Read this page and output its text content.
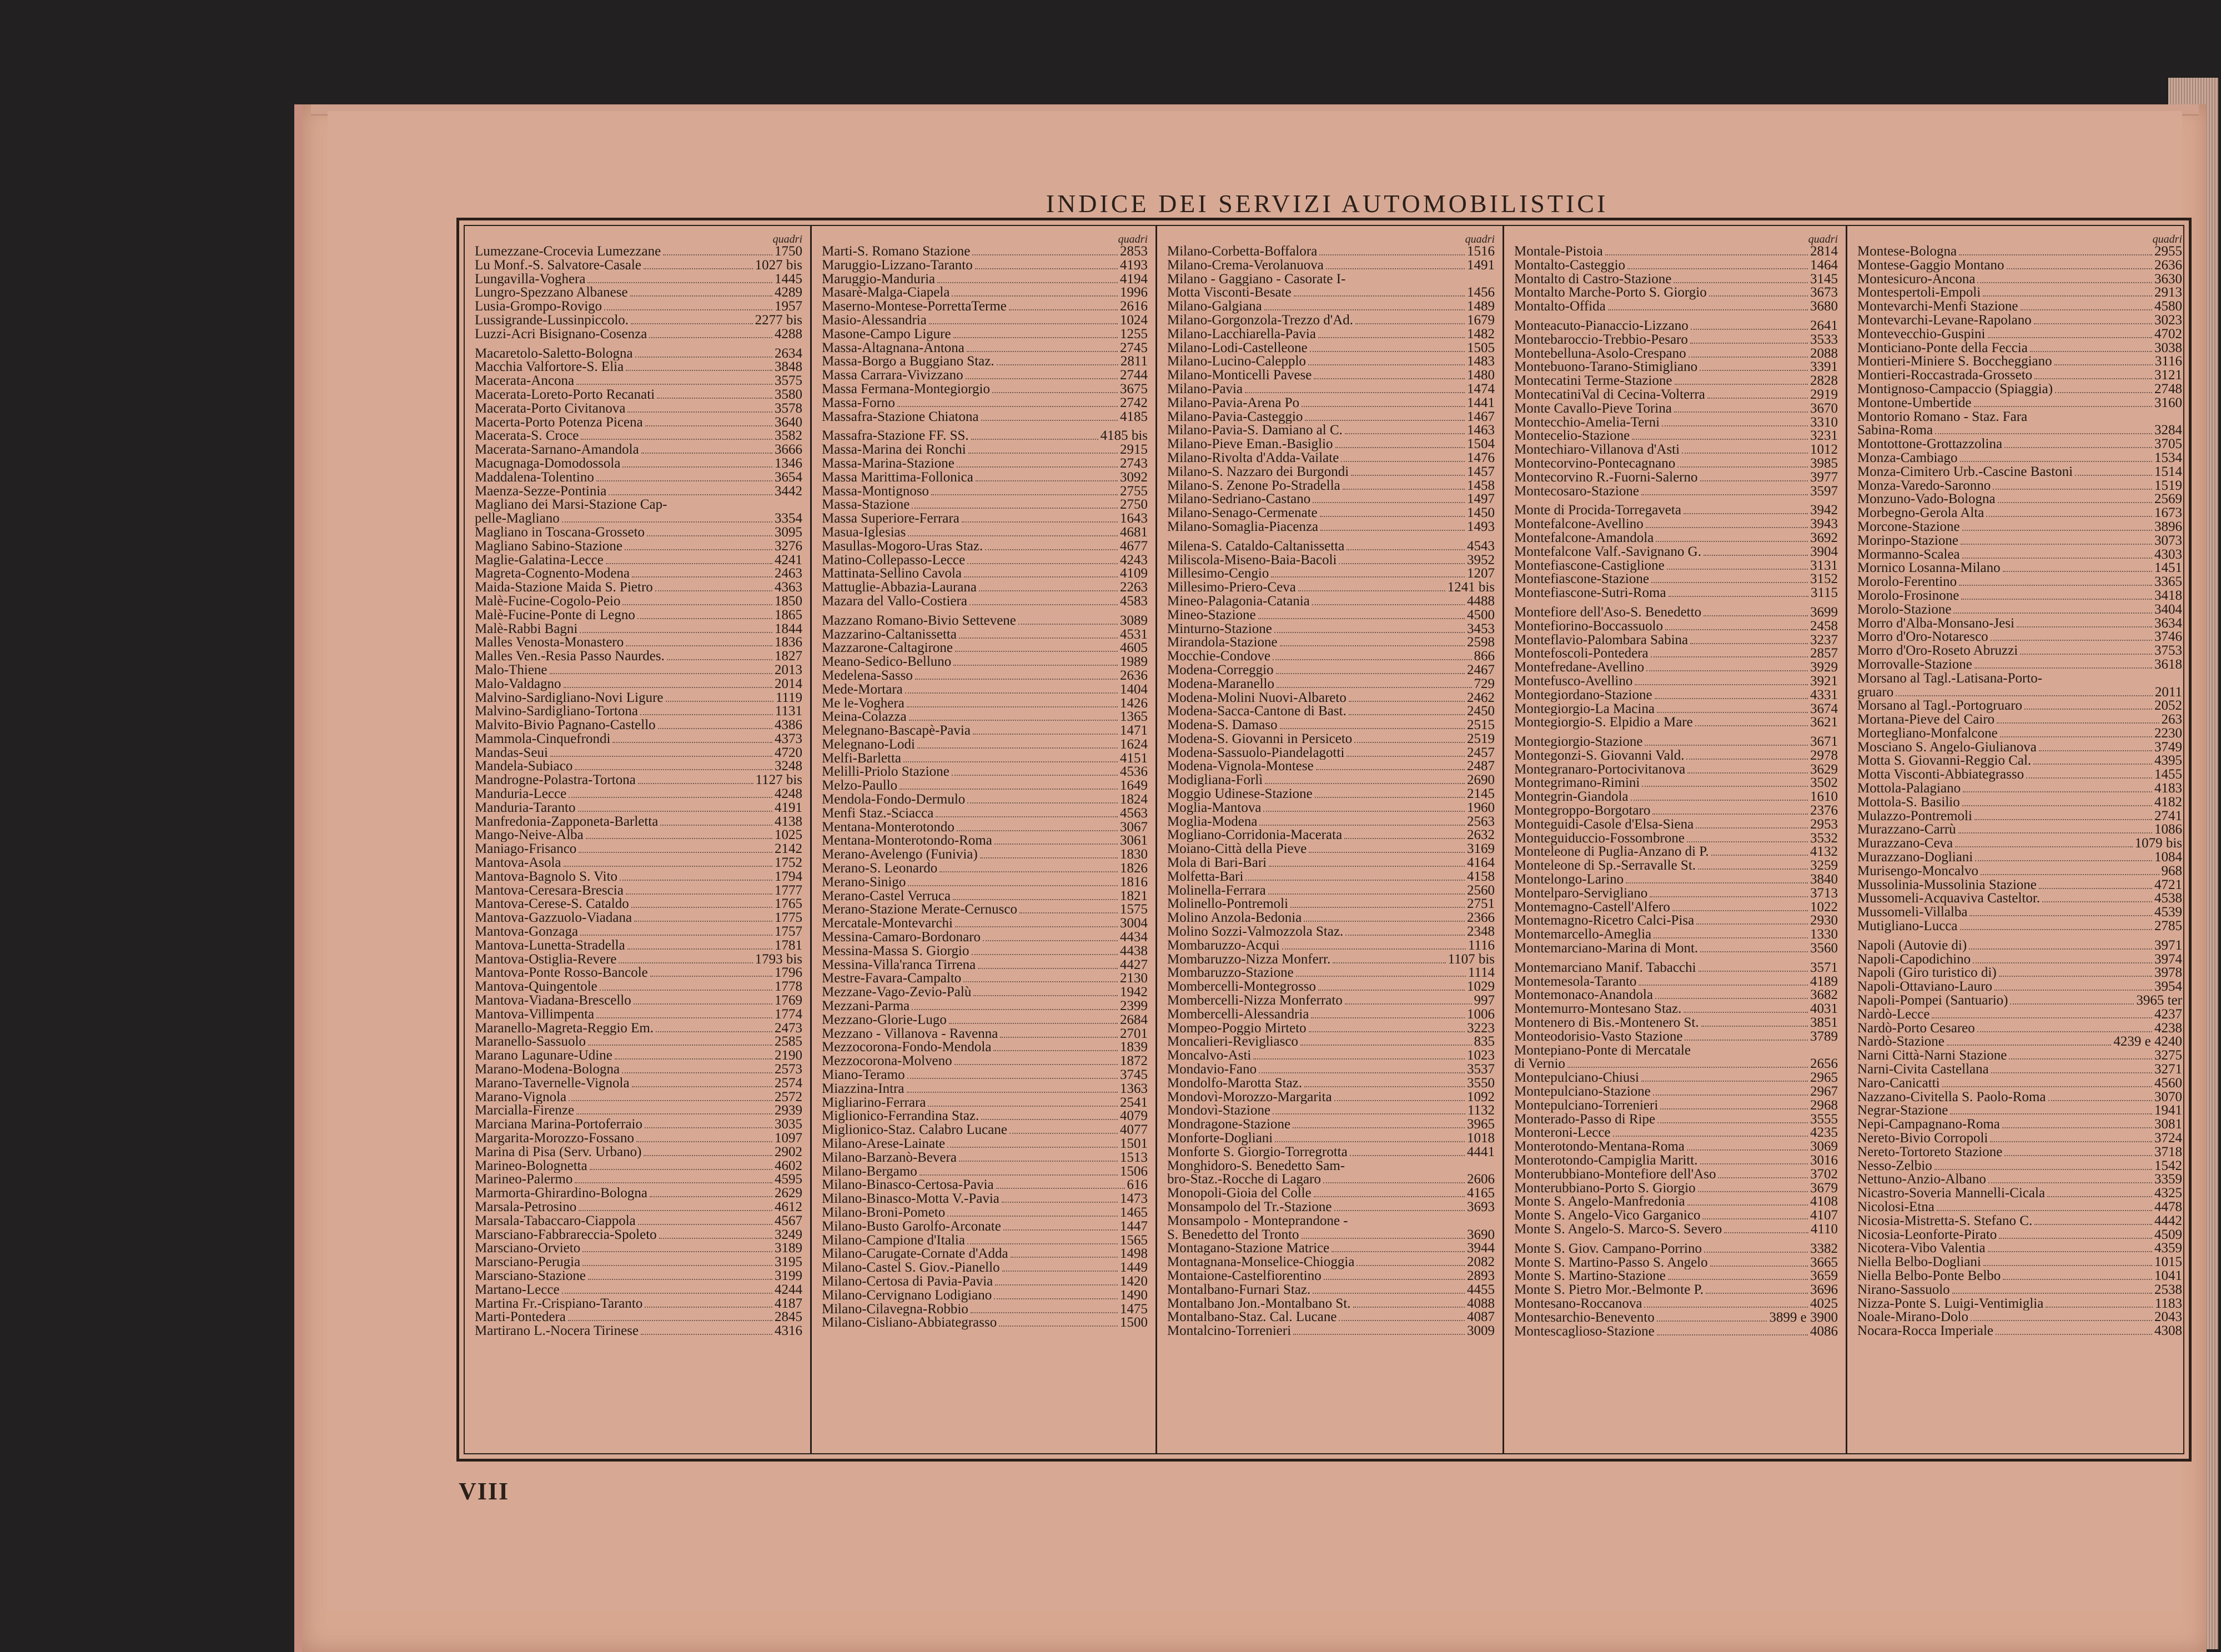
INDICE DEI SERVIZI AUTOMOBILISTICI
quadri
Lumezzane-Crocevia Lumezzane	1750
Lu Monf.-S. Salvatore-Casale	1027 bis
Lungavilla-Voghera	1445
Lungro-Spezzano Albanese	4289
Lusia-Grompo-Rovigo	1957
Lussigrande-Lussinpiccolo.	2277 bis
Luzzi-Acri Bisignano-Cosenza	4288
Macaretolo-Saletto-Bologna	2634
Macchia Valfortore-S. Elia	3848
Macerata-Ancona	3575
Macerata-Loreto-Porto Recanati	3580
Macerata-Porto Civitanova	3578
Macerta-Porto Potenza Picena	3640
Macerata-S. Croce	3582
Macerata-Sarnano-Amandola	3666
Macugnaga-Domodossola	1346
Maddalena-Tolentino	3654
Maenza-Sezze-Pontinia	3442
Magliano dei Marsi-Stazione Cap-
pelle-Magliano	3354
Magliano in Toscana-Grosseto	3095
Magliano Sabino-Stazione	3276
Maglie-Galatina-Lecce	4241
Magreta-Cognento-Modena	2463
Maida-Stazione Maida S. Pietro	4363
Malè-Fucine-Cogolo-Peio	1850
Malè-Fucine-Ponte di Legno	1865
Malè-Rabbi Bagni	1844
Malles Venosta-Monastero	1836
Malles Ven.-Resia Passo Naurdes.	1827
Malo-Thiene	2013
Malo-Valdagno	2014
Malvino-Sardigliano-Novi Ligure	1119
Malvino-Sardigliano-Tortona	1131
Malvito-Bivio Pagnano-Castello	4386
Mammola-Cinquefrondi	4373
Mandas-Seui	4720
Mandela-Subiaco	3248
Mandrogne-Polastra-Tortona	1127 bis
Manduria-Lecce	4248
Manduria-Taranto	4191
Manfredonia-Zapponeta-Barletta	4138
Mango-Neive-Alba	1025
Maniago-Frisanco	2142
Mantova-Asola	1752
Mantova-Bagnolo S. Vito	1794
Mantova-Ceresara-Brescia	1777
Mantova-Cerese-S. Cataldo	1765
Mantova-Gazzuolo-Viadana	1775
Mantova-Gonzaga	1757
Mantova-Lunetta-Stradella	1781
Mantova-Ostiglia-Revere	1793 bis
Mantova-Ponte Rosso-Bancole	1796
Mantova-Quingentole	1778
Mantova-Viadana-Brescello	1769
Mantova-Villimpenta	1774
Maranello-Magreta-Reggio Em.	2473
Maranello-Sassuolo	2585
Marano Lagunare-Udine	2190
Marano-Modena-Bologna	2573
Marano-Tavernelle-Vignola	2574
Marano-Vignola	2572
Marcialla-Firenze	2939
Marciana Marina-Portoferraio	3035
Margarita-Morozzo-Fossano	1097
Marina di Pisa (Serv. Urbano)	2902
Marineo-Bolognetta	4602
Marineo-Palermo	4595
Marmorta-Ghirardino-Bologna	2629
Marsala-Petrosino	4612
Marsala-Tabaccaro-Ciappola	4567
Marsciano-Fabbrareccia-Spoleto	3249
Marsciano-Orvieto	3189
Marsciano-Perugia	3195
Marsciano-Stazione	3199
Martano-Lecce	4244
Martina Fr.-Crispiano-Taranto	4187
Marti-Pontedera	2845
Martirano L.-Nocera Tirinese	4316
quadri
Marti-S. Romano Stazione	2853
Maruggio-Lizzano-Taranto	4193
Maruggio-Manduria	4194
Masarè-Malga-Ciapela	1996
Maserno-Montese-PorrettaTerme	2616
Masio-Alessandria	1024
Masone-Campo Ligure	1255
Massa-Altagnana-Antona	2745
Massa-Borgo a Buggiano Staz.	2811
Massa Carrara-Vivizzano	2744
Massa Fermana-Montegiorgio	3675
Massa-Forno	2742
Massafra-Stazione Chiatona	4185
Massafra-Stazione FF. SS.	4185 bis
Massa-Marina dei Ronchi	2915
Massa-Marina-Stazione	2743
Massa Marittima-Follonica	3092
Massa-Montignoso	2755
Massa-Stazione	2750
Massa Superiore-Ferrara	1643
Masua-Iglesias	4681
Masullas-Mogoro-Uras Staz.	4677
Matino-Collepasso-Lecce	4243
Mattinata-Sellino Cavola	4109
Mattuglie-Abbazia-Laurana	2263
Mazara del Vallo-Costiera	4583
Mazzano Romano-Bivio Settevene	3089
Mazzarino-Caltanissetta	4531
Mazzarone-Caltagirone	4605
Meano-Sedico-Belluno	1989
Medelena-Sasso	2636
Mede-Mortara	1404
Me le-Voghera	1426
Meina-Colazza	1365
Melegnano-Bascapè-Pavia	1471
Melegnano-Lodi	1624
Melfi-Barletta	4151
Melilli-Priolo Stazione	4536
Melzo-Paullo	1649
Mendola-Fondo-Dermulo	1824
Menfi Staz.-Sciacca	4563
Mentana-Monterotondo	3067
Mentana-Monterotondo-Roma	3061
Merano-Avelengo (Funivia)	1830
Merano-S. Leonardo	1826
Merano-Sinigo	1816
Merano-Castel Verruca	1821
Merano-Stazione Merate-Cernusco	1575
Mercatale-Montevarchi	3004
Messina-Camaro-Bordonaro	4434
Messina-Massa S. Giorgio	4438
Messina-Villa'ranca Tirrena	4427
Mestre-Favara-Campalto	2130
Mezzane-Vago-Zevio-Palù	1942
Mezzani-Parma	2399
Mezzano-Glorie-Lugo	2684
Mezzano - Villanova - Ravenna	2701
Mezzocorona-Fondo-Mendola	1839
Mezzocorona-Molveno	1872
Miano-Teramo	3745
Miazzina-Intra	1363
Migliarino-Ferrara	2541
Miglionico-Ferrandina Staz.	4079
Miglionico-Staz. Calabro Lucane	4077
Milano-Arese-Lainate	1501
Milano-Barzanò-Bevera	1513
Milano-Bergamo	1506
Milano-Binasco-Certosa-Pavia	616
Milano-Binasco-Motta V.-Pavia	1473
Milano-Broni-Pometo	1465
Milano-Busto Garolfo-Arconate	1447
Milano-Campione d'Italia	1565
Milano-Carugate-Cornate d'Adda	1498
Milano-Castel S. Giov.-Pianello	1449
Milano-Certosa di Pavia-Pavia	1420
Milano-Cervignano Lodigiano	1490
Milano-Cilavegna-Robbio	1475
Milano-Cisliano-Abbiategrasso	1500
quadri
Milano-Corbetta-Boffalora	1516
Milano-Crema-Verolanuova	1491
Milano - Gaggiano - Casorate I-
Motta Visconti-Besate	1456
Milano-Galgiana	1489
Milano-Gorgonzola-Trezzo d'Ad.	1679
Milano-Lacchiarella-Pavia	1482
Milano-Lodi-Castelleone	1505
Milano-Lucino-Calepplo	1483
Milano-Monticelli Pavese	1480
Milano-Pavia	1474
Milano-Pavia-Arena Po	1441
Milano-Pavia-Casteggio	1467
Milano-Pavia-S. Damiano al C.	1463
Milano-Pieve Eman.-Basiglio	1504
Milano-Rivolta d'Adda-Vailate	1476
Milano-S. Nazzaro dei Burgondi	1457
Milano-S. Zenone Po-Stradella	1458
Milano-Sedriano-Castano	1497
Milano-Senago-Cermenate	1450
Milano-Somaglia-Piacenza	1493
Milena-S. Cataldo-Caltanissetta	4543
Miliscola-Miseno-Baia-Bacoli	3952
Millesimo-Cengio	1207
Millesimo-Priero-Ceva	1241 bis
Mineo-Palagonia-Catania	4488
Mineo-Stazione	4500
Minturno-Stazione	3453
Mirandola-Stazione	2598
Mocchie-Condove	866
Modena-Correggio	2467
Modena-Maranello	729
Modena-Molini Nuovi-Albareto	2462
Modena-Sacca-Cantone di Bast.	2450
Modena-S. Damaso	2515
Modena-S. Giovanni in Persiceto	2519
Modena-Sassuolo-Piandelagotti	2457
Modena-Vignola-Montese	2487
Modigliana-Forlì	2690
Moggio Udinese-Stazione	2145
Moglia-Mantova	1960
Moglia-Modena	2563
Mogliano-Corridonia-Macerata	2632
Moiano-Città della Pieve	3169
Mola di Bari-Bari	4164
Molfetta-Bari	4158
Molinella-Ferrara	2560
Molinello-Pontremoli	2751
Molino Anzola-Bedonia	2366
Molino Sozzi-Valmozzola Staz.	2348
Mombaruzzo-Acqui	1116
Mombaruzzo-Nizza Monferr.	1107 bis
Mombaruzzo-Stazione	1114
Mombercelli-Montegrosso	1029
Mombercelli-Nizza Monferrato	997
Mombercelli-Alessandria	1006
Mompeo-Poggio Mirteto	3223
Moncalieri-Revigliasco	835
Moncalvo-Asti	1023
Mondavio-Fano	3537
Mondolfo-Marotta Staz.	3550
Mondovì-Morozzo-Margarita	1092
Mondovì-Stazione	1132
Mondragone-Stazione	3965
Monforte-Dogliani	1018
Monforte S. Giorgio-Torregrotta	4441
Monghidoro-S. Benedetto Sam-
bro-Staz.-Rocche di Lagaro	2606
Monopoli-Gioia del Colle	4165
Monsampolo del Tr.-Stazione	3693
Monsampolo - Monteprandone -
S. Benedetto del Tronto	3690
Montagano-Stazione Matrice	3944
Montagnana-Monselice-Chioggia	2082
Montaione-Castelfiorentino	2893
Montalbano-Furnari Staz.	4455
Montalbano Jon.-Montalbano St.	4088
Montalbano-Staz. Cal. Lucane	4087
Montalcino-Torrenieri	3009
quadri
Montale-Pistoia	2814
Montalto-Casteggio	1464
Montalto di Castro-Stazione	3145
Montalto Marche-Porto S. Giorgio	3673
Montalto-Offida	3680
Monteacuto-Pianaccio-Lizzano	2641
Montebaroccio-Trebbio-Pesaro	3533
Montebelluna-Asolo-Crespano	2088
Montebuono-Tarano-Stimigliano	3391
Montecatini Terme-Stazione	2828
MontecatiniVal di Cecina-Volterra	2919
Monte Cavallo-Pieve Torina	3670
Montecchio-Amelia-Terni	3310
Montecelio-Stazione	3231
Montechiaro-Villanova d'Asti	1012
Montecorvino-Pontecagnano	3985
Montecorvino R.-Fuorni-Salerno	3977
Montecosaro-Stazione	3597
Monte di Procida-Torregaveta	3942
Montefalcone-Avellino	3943
Montefalcone-Amandola	3692
Montefalcone Valf.-Savignano G.	3904
Montefiascone-Castiglione	3131
Montefiascone-Stazione	3152
Montefiascone-Sutri-Roma	3115
Montefiore dell'Aso-S. Benedetto	3699
Montefiorino-Boccassuolo	2458
Monteflavio-Palombara Sabina	3237
Montefoscoli-Pontedera	2857
Montefredane-Avellino	3929
Montefusco-Avellino	3921
Montegiordano-Stazione	4331
Montegiorgio-La Macina	3674
Montegiorgio-S. Elpidio a Mare	3621
Montegiorgio-Stazione	3671
Montegonzi-S. Giovanni Vald.	2978
Montegranaro-Portocivitanova	3629
Montegrimano-Rimini	3502
Montegrin-Giandola	1610
Montegroppo-Borgotaro	2376
Monteguidi-Casole d'Elsa-Siena	2953
Monteguiduccio-Fossombrone	3532
Monteleone di Puglia-Anzano di P.	4132
Monteleone di Sp.-Serravalle St.	3259
Montelongo-Larino	3840
Montelparo-Servigliano	3713
Montemagno-Castell'Alfero	1022
Montemagno-Ricetro Calci-Pisa	2930
Montemarcello-Ameglia	1330
Montemarciano-Marina di Mont.	3560
Montemarciano Manif. Tabacchi	3571
Montemesola-Taranto	4189
Montemonaco-Anandola	3682
Montemurro-Montesano Staz.	4031
Montenero di Bis.-Montenero St.	3851
Monteodorisio-Vasto Stazione	3789
Montepiano-Ponte di Mercatale
di Vernio	2656
Montepulciano-Chiusi	2965
Montepulciano-Stazione	2967
Montepulciano-Torrenieri	2968
Monterado-Passo di Ripe	3555
Monteroni-Lecce	4235
Monterotondo-Mentana-Roma	3069
Monterotondo-Campiglia Maritt.	3016
Monterubbiano-Montefiore dell'Aso	3702
Monterubbiano-Porto S. Giorgio	3679
Monte S. Angelo-Manfredonia	4108
Monte S. Angelo-Vico Garganico	4107
Monte S. Angelo-S. Marco-S. Severo	4110
Monte S. Giov. Campano-Porrino	3382
Monte S. Martino-Passo S. Angelo	3665
Monte S. Martino-Stazione	3659
Monte S. Pietro Mor.-Belmonte P.	3696
Montesano-Roccanova	4025
Montesarchio-Benevento	3899 e 3900
Montescaglioso-Stazione	4086
quadri
Montese-Bologna	2955
Montese-Gaggio Montano	2636
Montesicuro-Ancona	3630
Montespertoli-Empoli	2913
Montevarchi-Menfi Stazione	4580
Montevarchi-Levane-Rapolano	3023
Montevecchio-Guspini	4702
Monticiano-Ponte della Feccia	3038
Montieri-Miniere S. Boccheggiano	3116
Montieri-Roccastrada-Grosseto	3121
Montignoso-Campaccio (Spiaggia)	2748
Montone-Umbertide	3160
Montorio Romano - Staz. Fara
Sabina-Roma	3284
Montottone-Grottazzolina	3705
Monza-Cambiago	1534
Monza-Cimitero Urb.-Cascine Bastoni	1514
Monza-Varedo-Saronno	1519
Monzuno-Vado-Bologna	2569
Morbegno-Gerola Alta	1673
Morcone-Stazione	3896
Morinpo-Stazione	3073
Mormanno-Scalea	4303
Mornico Losanna-Milano	1451
Morolo-Ferentino	3365
Morolo-Frosinone	3418
Morolo-Stazione	3404
Morro d'Alba-Monsano-Jesi	3634
Morro d'Oro-Notaresco	3746
Morro d'Oro-Roseto Abruzzi	3753
Morrovalle-Stazione	3618
Morsano al Tagl.-Latisana-Porto-
gruaro	2011
Morsano al Tagl.-Portogruaro	2052
Mortana-Pieve del Cairo	263
Mortegliano-Monfalcone	2230
Mosciano S. Angelo-Giulianova	3749
Motta S. Giovanni-Reggio Cal.	4395
Motta Visconti-Abbiategrasso	1455
Mottola-Palagiano	4183
Mottola-S. Basilio	4182
Mulazzo-Pontremoli	2741
Murazzano-Carrù	1086
Murazzano-Ceva	1079 bis
Murazzano-Dogliani	1084
Murisengo-Moncalvo	968
Mussolinia-Mussolinia Stazione	4721
Mussomeli-Acquaviva Casteltor.	4538
Mussomeli-Villalba	4539
Mutigliano-Lucca	2785
Napoli (Autovie di)	3971
Napoli-Capodichino	3974
Napoli (Giro turistico di)	3978
Napoli-Ottaviano-Lauro	3954
Napoli-Pompei (Santuario)	3965 ter
Nardò-Lecce	4237
Nardò-Porto Cesareo	4238
Nardò-Stazione	4239 e 4240
Narni Città-Narni Stazione	3275
Narni-Civita Castellana	3271
Naro-Canicatti	4560
Nazzano-Civitella S. Paolo-Roma	3070
Negrar-Stazione	1941
Nepi-Campagnano-Roma	3081
Nereto-Bivio Corropoli	3724
Nereto-Tortoreto Stazione	3718
Nesso-Zelbio	1542
Nettuno-Anzio-Albano	3359
Nicastro-Soveria Mannelli-Cicala	4325
Nicolosi-Etna	4478
Nicosia-Mistretta-S. Stefano C.	4442
Nicosia-Leonforte-Pirato	4509
Nicotera-Vibo Valentia	4359
Niella Belbo-Dogliani	1015
Niella Belbo-Ponte Belbo	1041
Nirano-Sassuolo	2538
Nizza-Ponte S. Luigi-Ventimiglia	1183
Noale-Mirano-Dolo	2043
Nocara-Rocca Imperiale	4308
VIII
